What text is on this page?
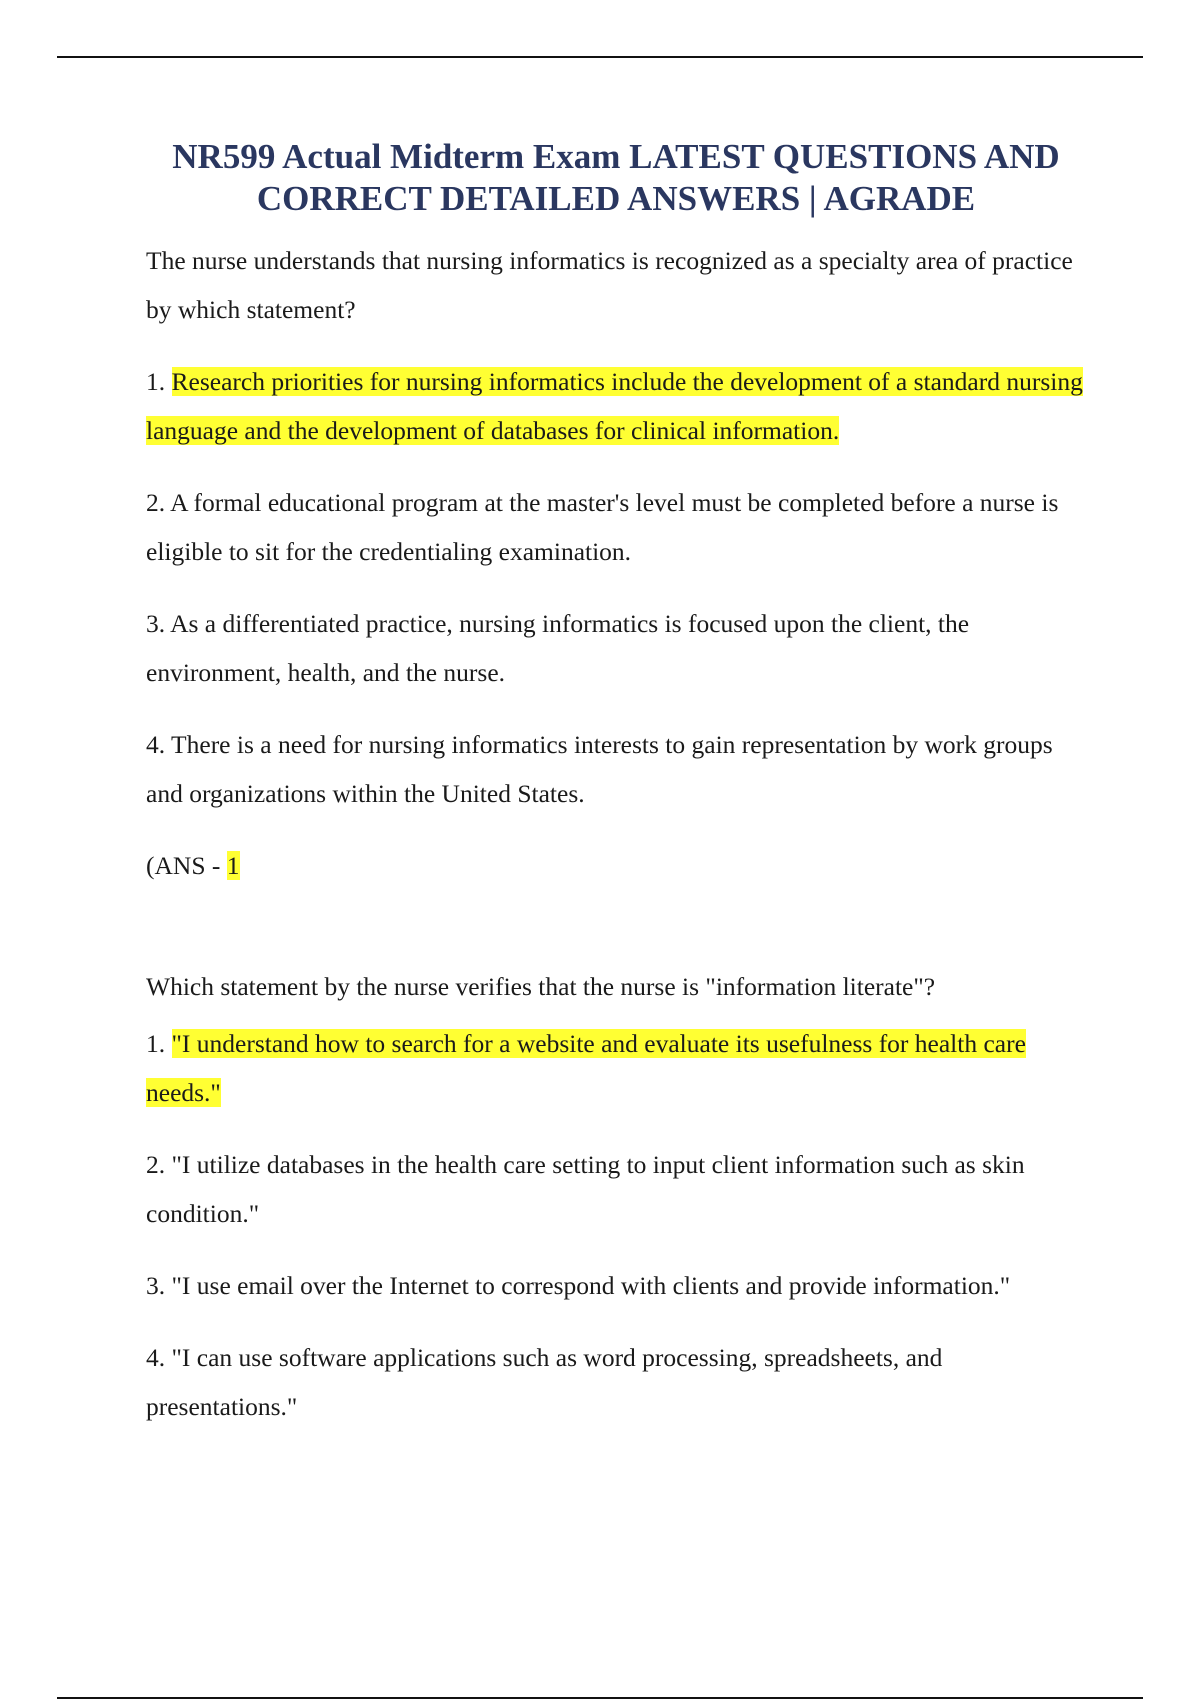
NR599 Actual Midterm Exam LATEST QUESTIONS AND
CORRECT DETAILED ANSWERS | AGRADE

The nurse understands that nursing informatics is recognized as a specialty area of practice by which statement?

1. Research priorities for nursing informatics include the development of a standard nursing language and the development of databases for clinical information.

2. A formal educational program at the master's level must be completed before a nurse is eligible to sit for the credentialing examination.

3. As a differentiated practice, nursing informatics is focused upon the client, the environment, health, and the nurse.

4. There is a need for nursing informatics interests to gain representation by work groups and organizations within the United States.

(ANS - 1

Which statement by the nurse verifies that the nurse is "information literate"?

1. "I understand how to search for a website and evaluate its usefulness for health care needs."

2. "I utilize databases in the health care setting to input client information such as skin condition."

3. "I use email over the Internet to correspond with clients and provide information."

4. "I can use software applications such as word processing, spreadsheets, and presentations."
